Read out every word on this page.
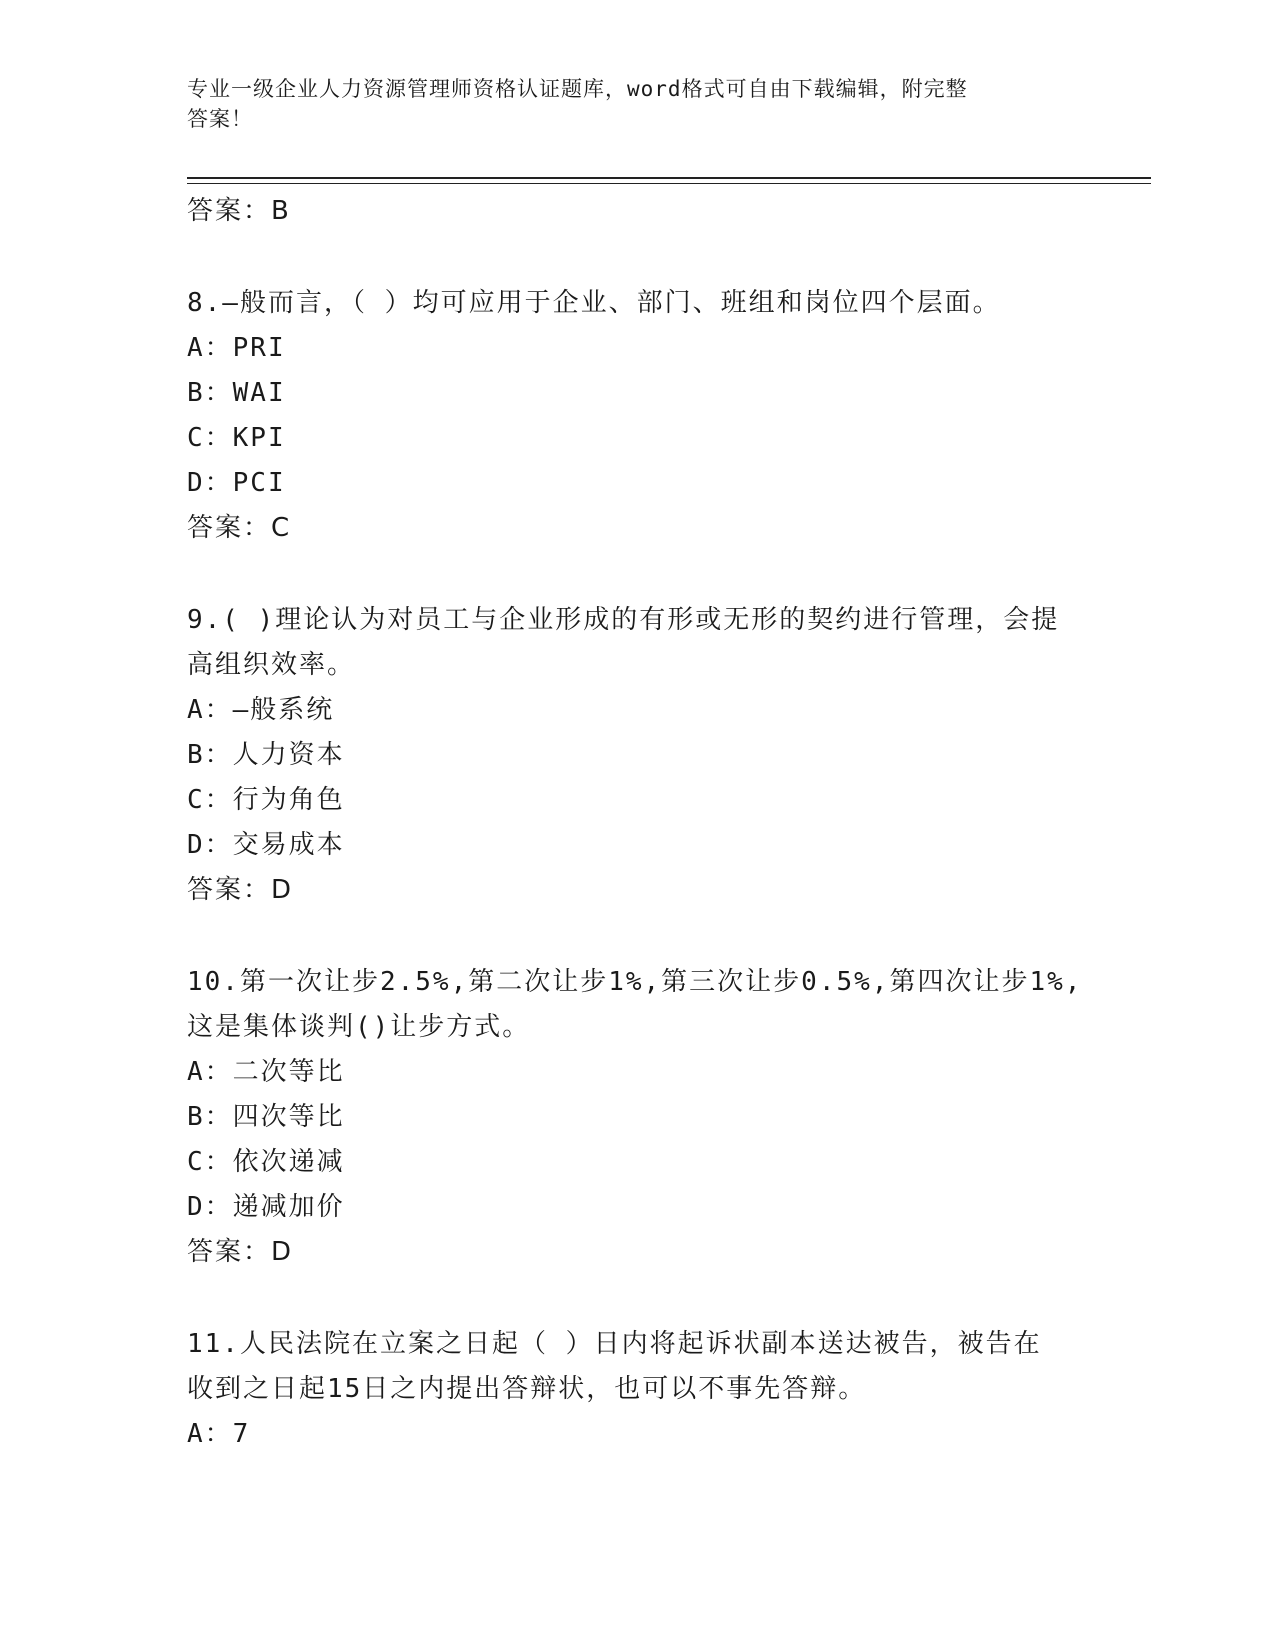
专业一级企业人力资源管理师资格认证题库，word格式可自由下载编辑，附完整
答案！
答案：B
8.—般而言，（ ）均可应用于企业、部门、班组和岗位四个层面。
A：PRI
B：WAI
C：KPI
D：PCI
答案：C
9.( )理论认为对员工与企业形成的有形或无形的契约进行管理，会提
高组织效率。
A：—般系统
B：人力资本
C：行为角色
D：交易成本
答案：D
10.第一次让步2.5%,第二次让步1%,第三次让步0.5%,第四次让步1%,
这是集体谈判()让步方式。
A：二次等比
B：四次等比
C：依次递减
D：递减加价
答案：D
11.人民法院在立案之日起（ ）日内将起诉状副本送达被告，被告在
收到之日起15日之内提出答辩状，也可以不事先答辩。
A：7
